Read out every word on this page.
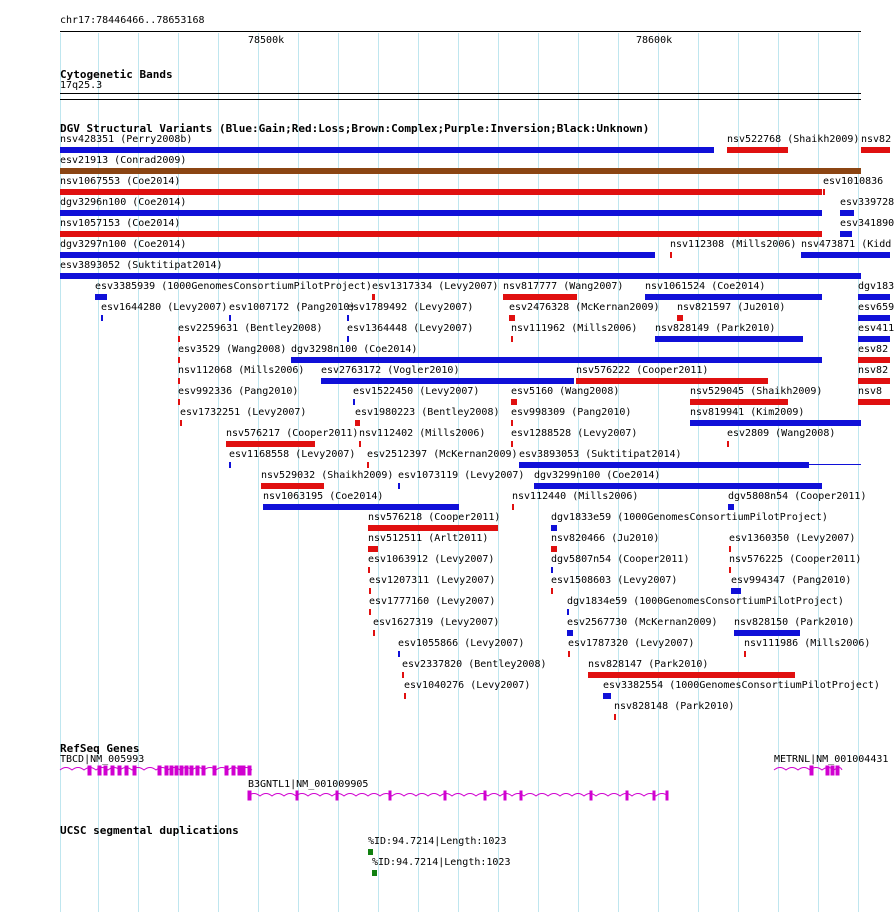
chr17:78446466..78653168
78500k	78600k
Cytogenetic Bands
17q25.3
DGV Structural Variants (Blue:Gain;Red:Loss;Brown:Complex;Purple:Inversion;Black:Unknown)
nsv428351 (Perry2008b)	nsv522768 (Shaikh2009) nsv82
esv21913 (Conrad2009)
nsv1067553 (Coe2014)	esv1010836
dgv3296n100 (Coe2014)	esv339728
nsv1057153 (Coe2014)	esv341890
dgv3297n100 (Coe2014)	nsv112308 (Mills2006) nsv473871 (Kidd
esv3893052 (Suktitipat2014)
esv3385939 (1000GenomesConsortiumPilotProject) esv1317334 (Levy2007) nsv817777 (Wang2007) nsv1061524 (Coe2014)	dgv183
esv1644280 (Levy2007) esv1007172 (Pang2010)
esv1789492 (Levy2007)	esv2476328 (McKernan2009) nsv821597 (Ju2010)	esv659
esv2259631 (Bentley2008) esv1364448 (Levy2007)	nsv111962 (Mills2006) nsv828149 (Park2010)	esv411
esv3529 (Wang2008) dgv3298n100 (Coe2014)	esv82
nsv112068 (Mills2006) esv2763172 (Vogler2010)	nsv576222 (Cooper2011)	nsv82
esv992336 (Pang2010)	esv1522450 (Levy2007)	esv5160 (Wang2008)	nsv529045 (Shaikh2009)	nsv8
esv1732251 (Levy2007)	esv1980223 (Bentley2008) esv998309 (Pang2010)	nsv819941 (Kim2009)
nsv576217 (Cooper2011) nsv112402 (Mills2006)	esv1288528 (Levy2007)	esv2809 (Wang2008)
esv1168558 (Levy2007) esv2512397 (McKernan2009) esv3893053 (Suktitipat2014)
nsv529032 (Shaikh2009) esv1073119 (Levy2007) dgv3299n100 (Coe2014)
nsv1063195 (Coe2014)	nsv112440 (Mills2006)	dgv5808n54 (Cooper2011)
nsv576218 (Cooper2011)	dgv1833e59 (1000GenomesConsortiumPilotProject)
nsv512511 (Arlt2011)	nsv820466 (Ju2010)	esv1360350 (Levy2007)
esv1063912 (Levy2007)	dgv5807n54 (Cooper2011)	nsv576225 (Cooper2011)
esv1207311 (Levy2007)	esv1508603 (Levy2007)	esv994347 (Pang2010)
esv1777160 (Levy2007)	dgv1834e59 (1000GenomesConsortiumPilotProject)
esv1627319 (Levy2007)	esv2567730 (McKernan2009) nsv828150 (Park2010)
esv1055866 (Levy2007)	esv1787320 (Levy2007)	nsv111986 (Mills2006)
esv2337820 (Bentley2008)	nsv828147 (Park2010)
esv1040276 (Levy2007)	esv3382554 (1000GenomesConsortiumPilotProject)
nsv828148 (Park2010)
RefSeq Genes
TBCD|NM_005993
B3GNTL1|NM_001009905
METRNL|NM_001004431
UCSC segmental duplications
%ID:94.7214|Length:1023
%ID:94.7214|Length:1023
